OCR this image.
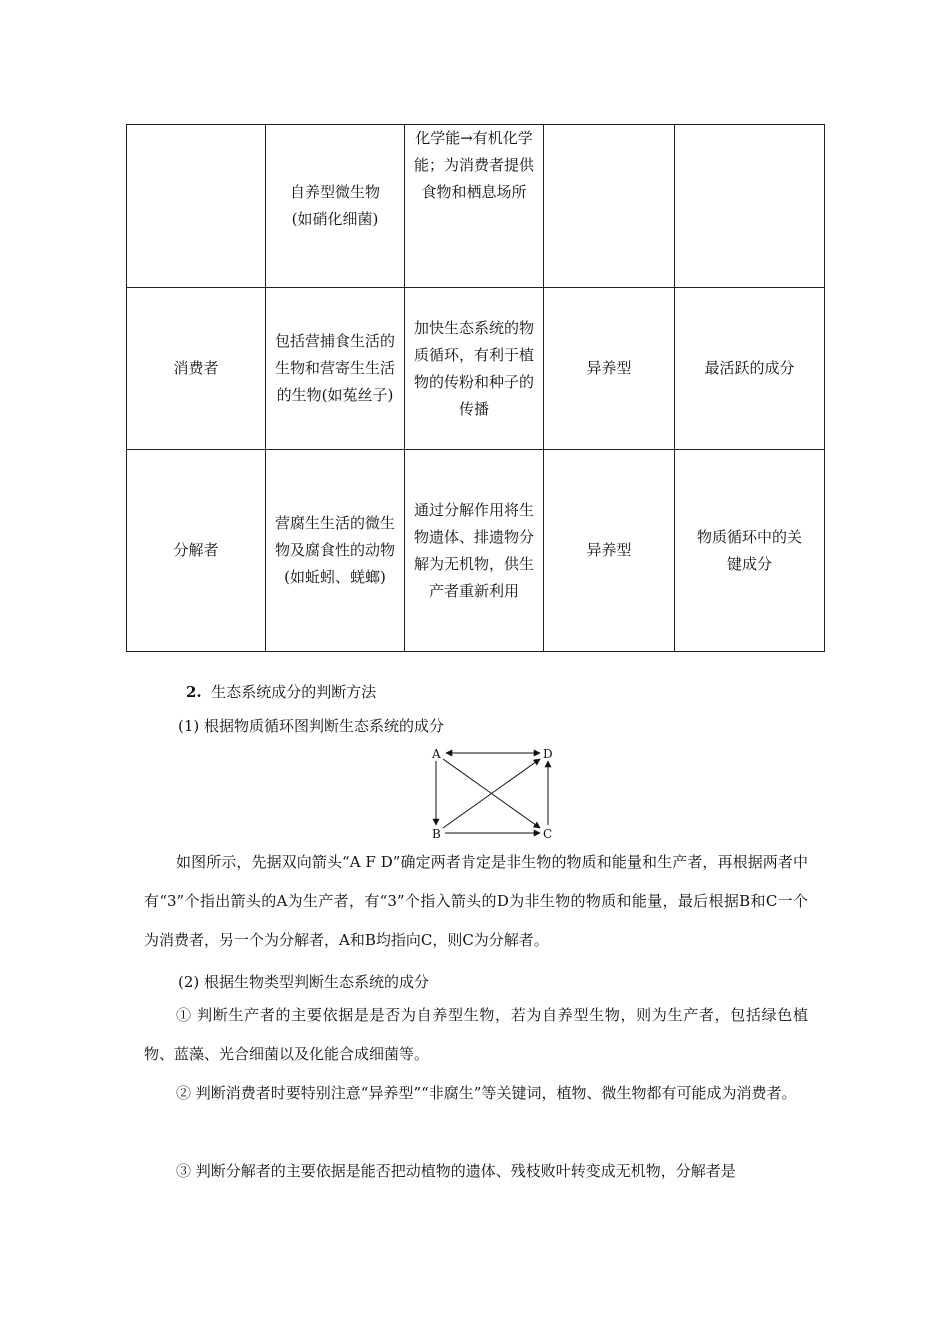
	自养型微生物(如硝化细菌)	化学能→有机化学能；为消费者提供食物和栖息场所		

消费者	包括营捕食生活的生物和营寄生生活的生物(如菟丝子)	加快生态系统的物质循环，有利于植物的传粉和种子的传播	异养型	最活跃的成分
分解者	营腐生生活的微生物及腐食性的动物(如蚯蚓、蜣螂)	通过分解作用将生物遗体、排遗物分解为无机物，供生产者重新利用	异养型	物质循环中的关键成分

2. 生态系统成分的判断方法

(1) 根据物质循环图判断生态系统的成分

A	D
B	C

如图所示，先据双向箭头“A F D”确定两者肯定是非生物的物质和能量和生产者，再根据两者中有“3”个指出箭头的A为生产者，有“3”个指入箭头的D为非生物的物质和能量，最后根据B和C一个为消费者，另一个为分解者，A和B均指向C，则C为分解者。

(2) 根据生物类型判断生态系统的成分

① 判断生产者的主要依据是是否为自养型生物，若为自养型生物，则为生产者，包括绿色植物、蓝藻、光合细菌以及化能合成细菌等。

② 判断消费者时要特别注意“异养型”“非腐生”等关键词，植物、微生物都有可能成为消费者。

③ 判断分解者的主要依据是能否把动植物的遗体、残枝败叶转变成无机物，分解者是
